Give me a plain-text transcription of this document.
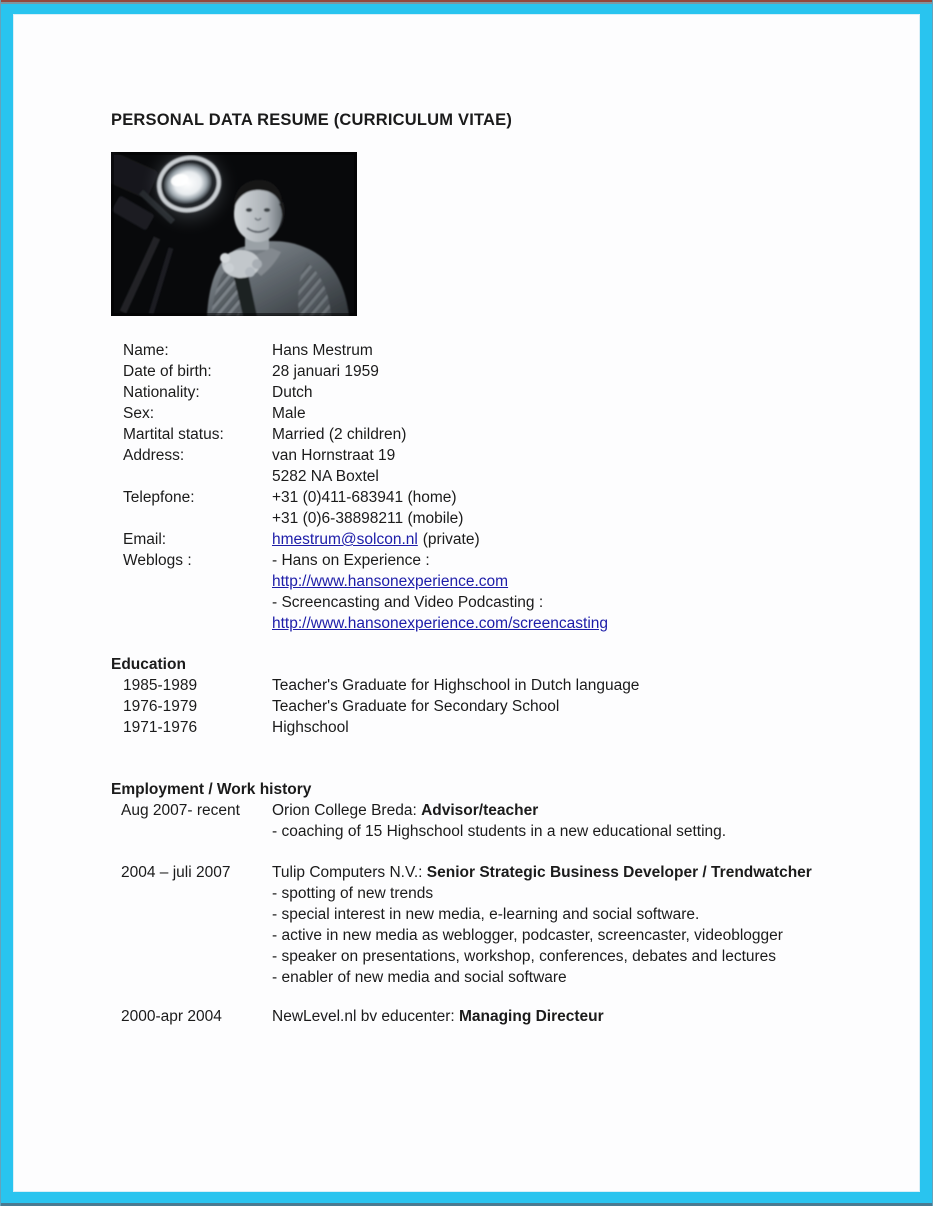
PERSONAL DATA RESUME (CURRICULUM VITAE)
Name:	Hans Mestrum
Date of birth:	28 januari 1959
Nationality:	Dutch
Sex:	Male
Martital status:	Married (2 children)
Address:	van Hornstraat 19
5282 NA Boxtel
Telepfone:	+31 (0)411-683941 (home)
+31 (0)6-38898211 (mobile)
Email:	hmestrum@solcon.nl (private)
Weblogs :	- Hans on Experience :
http://www.hansonexperience.com
- Screencasting and Video Podcasting :
http://www.hansonexperience.com/screencasting
Education
1985-1989	Teacher's Graduate for Highschool in Dutch language
1976-1979	Teacher's Graduate for Secondary School
1971-1976	Highschool
Employment / Work history
Aug 2007- recent	Orion College Breda: Advisor/teacher

- coaching of 15 Highschool students in a new educational setting.

2004 – juli 2007	Tulip Computers N.V.: Senior Strategic Business Developer / Trendwatcher

- spotting of new trends

- special interest in new media, e-learning and social software.

- active in new media as weblogger, podcaster, screencaster, videoblogger

- speaker on presentations, workshop, conferences, debates and lectures

- enabler of new media and social software

2000-apr 2004	NewLevel.nl bv educenter: Managing Directeur
